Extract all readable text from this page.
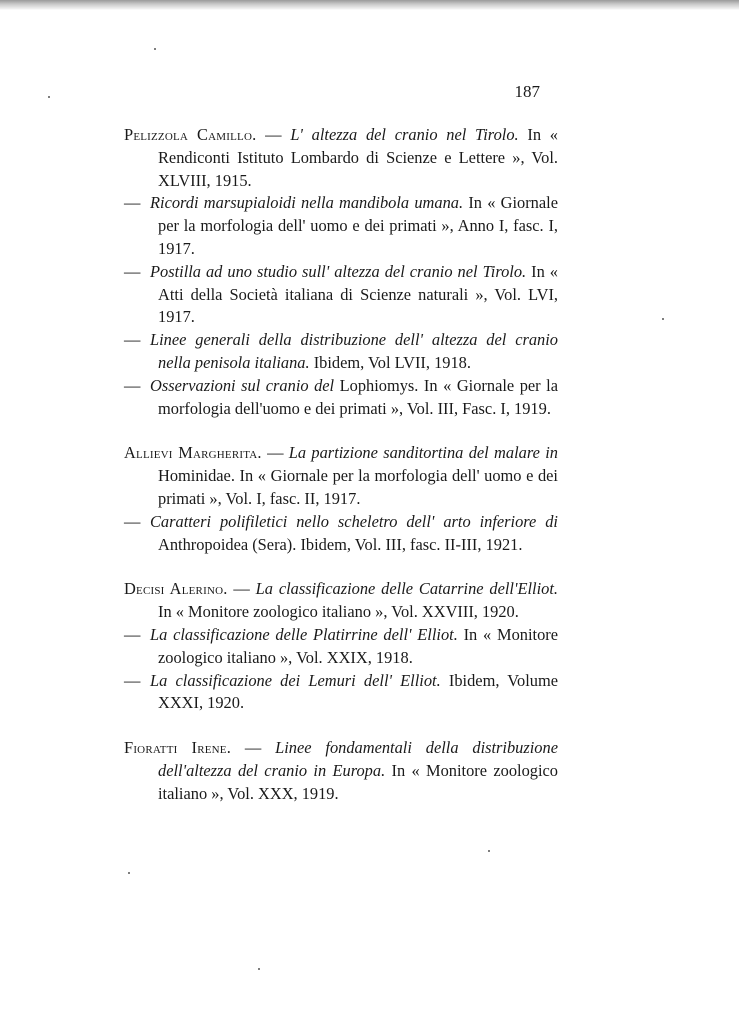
187
Pelizzola Camillo. — L' altezza del cranio nel Tirolo. In « Rendiconti Istituto Lombardo di Scienze e Lettere », Vol. XLVIII, 1915.
— Ricordi marsupialoidi nella mandibola umana. In « Giornale per la morfologia dell' uomo e dei primati », Anno I, fasc. I, 1917.
— Postilla ad uno studio sull' altezza del cranio nel Tirolo. In « Atti della Società italiana di Scienze naturali », Vol. LVI, 1917.
— Linee generali della distribuzione dell' altezza del cranio nella penisola italiana. Ibidem, Vol LVII, 1918.
— Osservazioni sul cranio del Lophiomys. In « Giornale per la morfologia dell'uomo e dei primati », Vol. III, Fasc. I, 1919.
Allievi Margherita. — La partizione sanditortina del malare in Hominidae. In « Giornale per la morfologia dell' uomo e dei primati », Vol. I, fasc. II, 1917.
— Caratteri polifiletici nello scheletro dell' arto inferiore di Anthropoidea (Sera). Ibidem, Vol. III, fasc. II-III, 1921.
Decisi Alerino. — La classificazione delle Catarrine dell'Elliot. In « Monitore zoologico italiano », Vol. XXVIII, 1920.
— La classificazione delle Platirrine dell' Elliot. In « Monitore zoologico italiano », Vol. XXIX, 1918.
— La classificazione dei Lemuri dell' Elliot. Ibidem, Volume XXXI, 1920.
Fioratti Irene. — Linee fondamentali della distribuzione dell'altezza del cranio in Europa. In « Monitore zoologico italiano », Vol. XXX, 1919.
